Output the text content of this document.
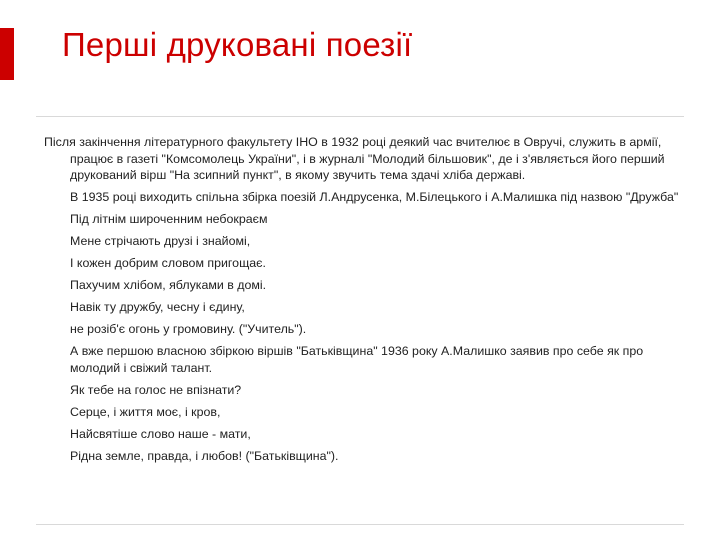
Перші друковані поезії

Після закінчення літературного факультету ІНО в 1932 році деякий час вчителює в Овручі, служить в армії, працює в газеті "Комсомолець України", і в журналі "Молодий більшовик", де і з'являється його перший друкований вірш "На зсипний пункт", в якому звучить тема здачі хліба державі.

В 1935 році виходить спільна збірка поезій Л.Андрусенка, М.Білецького і А.Малишка під назвою "Дружба"

Під літнім широченним небокраєм

Мене стрічають друзі і знайомі,

І кожен добрим словом пригощає.

Пахучим хлібом, яблуками в домі.

Навік ту дружбу, чесну і єдину,

не розіб'є огонь у громовину. ("Учитель").

А вже першою власною збіркою віршів "Батьківщина" 1936 року А.Малишко заявив про себе як про молодий і свіжий талант.

Як тебе на голос не впізнати?

Серце, і життя моє, і кров,

Найсвятіше слово наше - мати,

Рідна земле, правда, і любов! ("Батьківщина").
